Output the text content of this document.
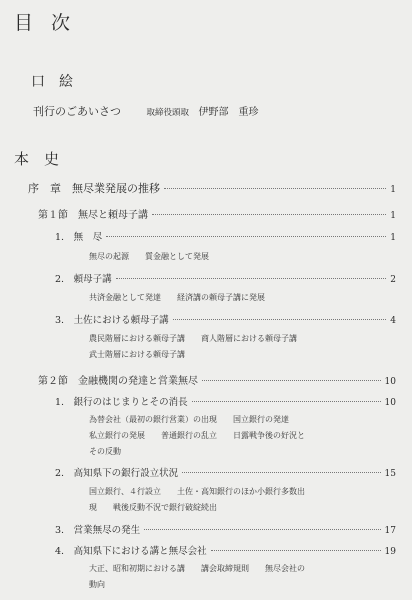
目 次
口　絵
刊行のごあいさつ	取締役頭取 伊野部　重珍
本　史
序　章　無尽業発展の推移	1
第１節　無尽と頼母子講	1
1.　無　尽	1
無尽の起源　　質金融として発展
2.　頼母子講	2
共済金融として発達　　経済講の頼母子講に発展
3.　土佐における頼母子講	4
農民階層における頼母子講　　商人階層における頼母子講
武士階層における頼母子講
第２節　金融機関の発達と営業無尽	10
1.　銀行のはじまりとその消長	10
為替会社（最初の銀行営業）の出現　　国立銀行の発達
私立銀行の発展　　普通銀行の乱立　　日露戦争後の好況と
その反動
2.　高知県下の銀行設立状況	15
国立銀行、４行設立　　土佐・高知銀行のほか小銀行多数出
現　　戦後反動不況で銀行破綻続出
3.　営業無尽の発生	17
4.　高知県下における講と無尽会社	19
大正、昭和初期における講　　講会取締規則　　無尽会社の
動向
